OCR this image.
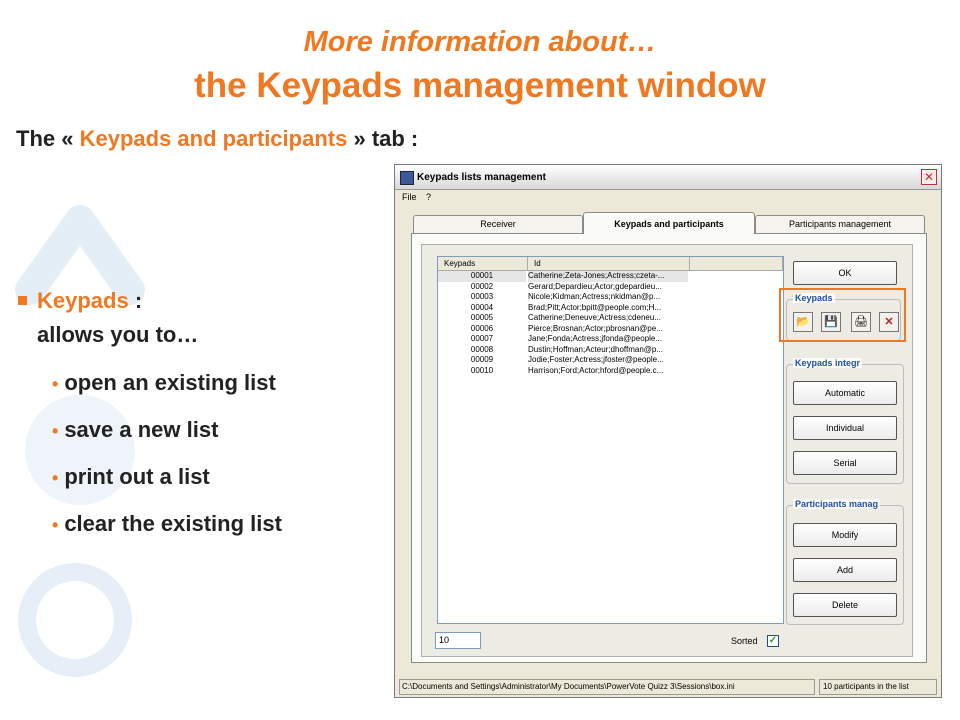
More information about…
the Keypads management window
The « Keypads and participants » tab :
Keypads :
allows you to…
• open an existing list
• save a new list
• print out a list
• clear the existing list
Keypads lists management	✕
File ?
Receiver	Keypads and participants	Participants management
Keypads	Id
00001	Catherine;Zeta-Jones;Actress;czeta-...
00002	Gerard;Depardieu;Actor;gdepardieu...
00003	Nicole;Kidman;Actress;nkidman@p...
00004	Brad;Pitt;Actor;bpitt@people.com;H...
00005	Catherine;Deneuve;Actress;cdeneu...
00006	Pierce;Brosnan;Actor;pbrosnan@pe...
00007	Jane;Fonda;Actress;jfonda@people...
00008	Dustin;Hoffman;Acteur;dhoffman@p...
00009	Jodie;Foster;Actress;jfoster@people...
00010	Harrison;Ford;Actor;hford@people.c...
OK
Keypads
📂 💾 🖨	✕
Keypads integr
Automatic
Individual
Serial
Participants manag
Modify
Add
Delete
10	Sorted ✓
C:\Documents and Settings\Administrator\My Documents\PowerVote Quizz 3\Sessions\box.ini	10 participants in the list
